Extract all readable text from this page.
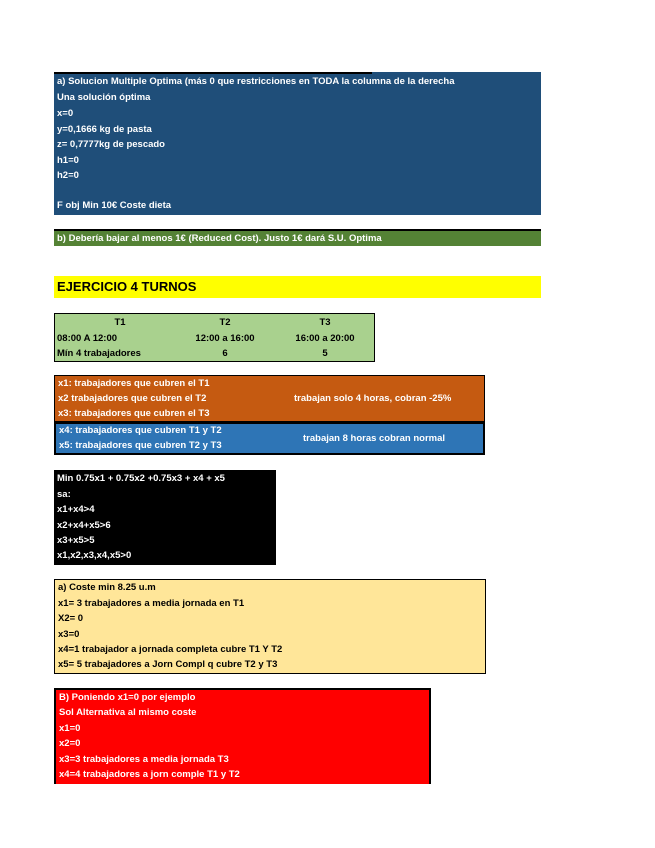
a) Solucion Multiple Optima (más 0 que restricciones en TODA la columna de la derecha
Una solución óptima
x=0
y=0,1666 kg de pasta
z= 0,7777kg de pescado
h1=0
h2=0
F obj Min 10€ Coste dieta
b) Debería bajar al menos 1€ (Reduced Cost). Justo 1€ dará S.U. Optima
EJERCICIO 4 TURNOS
T1	T2	T3
08:00 A 12:00	12:00 a 16:00	16:00 a 20:00
Mín 4 trabajadores	6	5
x1: trabajadores que cubren el T1
x2 trabajadores que cubren el T2
x3: trabajadores que cubren el T3
trabajan solo 4 horas, cobran -25%
x4: trabajadores que cubren T1 y T2
x5: trabajadores que cubren T2 y T3
trabajan 8 horas cobran normal
Min 0.75x1 + 0.75x2 +0.75x3 + x4 + x5
sa:
x1+x4>4
x2+x4+x5>6
x3+x5>5
x1,x2,x3,x4,x5>0
a) Coste min 8.25 u.m
x1= 3 trabajadores a media jornada en T1
X2= 0
x3=0
x4=1 trabajador a jornada completa cubre T1 Y T2
x5= 5 trabajadores a Jorn Compl q cubre T2 y T3
B) Poniendo x1=0 por ejemplo
Sol Alternativa al mismo coste
x1=0
x2=0
x3=3 trabajadores a media jornada T3
x4=4 trabajadores a jorn comple T1 y T2
